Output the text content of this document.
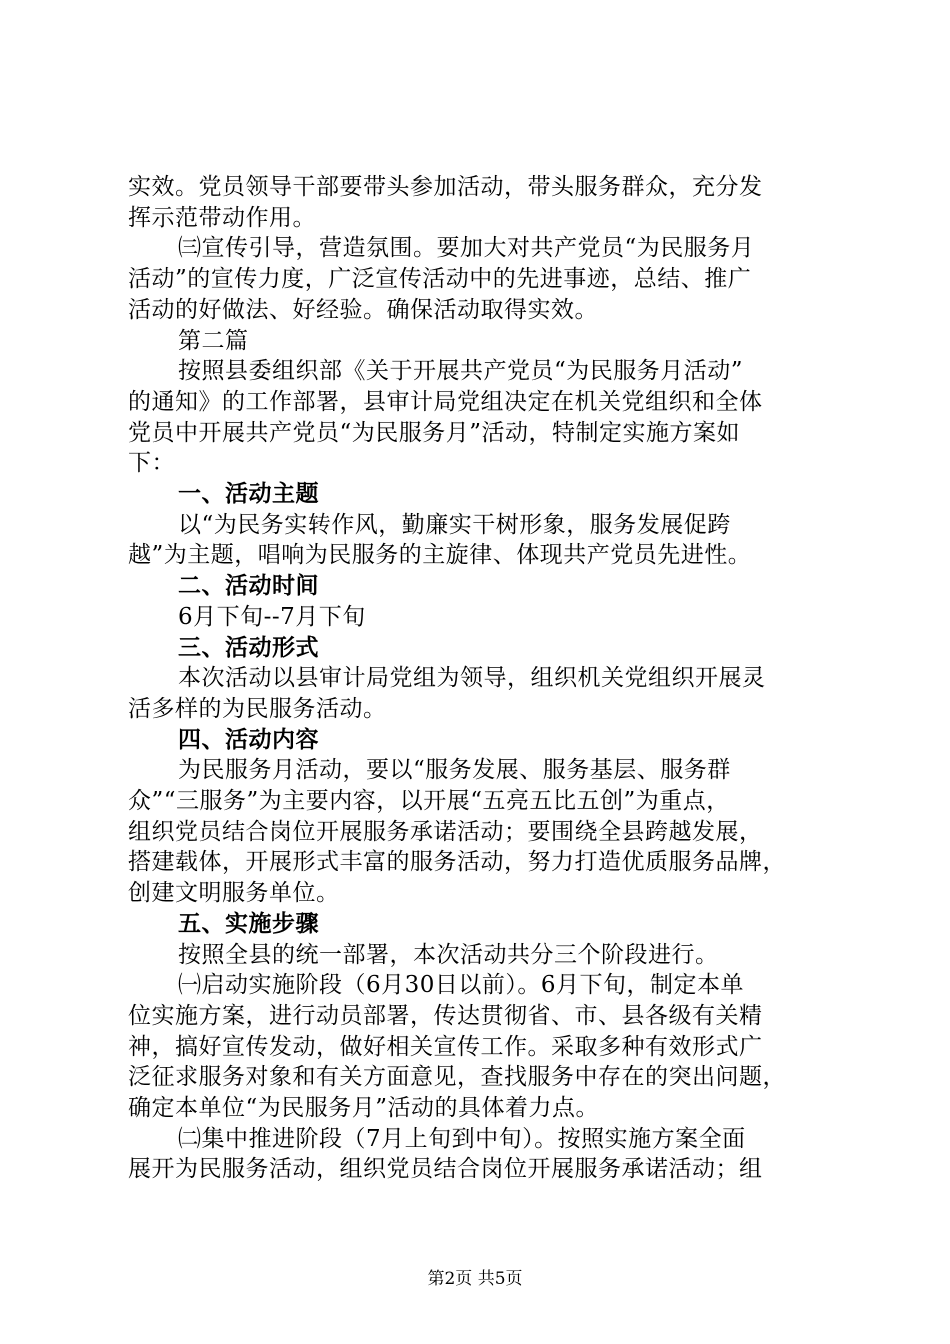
实效。党员领导干部要带头参加活动，带头服务群众，充分发
挥示范带动作用。
㈢宣传引导，营造氛围。要加大对共产党员“为民服务月
活动”的宣传力度，广泛宣传活动中的先进事迹，总结、推广
活动的好做法、好经验。确保活动取得实效。
第二篇
按照县委组织部《关于开展共产党员“为民服务月活动”
的通知》的工作部署，县审计局党组决定在机关党组织和全体
党员中开展共产党员“为民服务月”活动，特制定实施方案如
下：
一、活动主题
以“为民务实转作风，勤廉实干树形象，服务发展促跨
越”为主题，唱响为民服务的主旋律、体现共产党员先进性。
二、活动时间
6月下旬--7月下旬
三、活动形式
本次活动以县审计局党组为领导，组织机关党组织开展灵
活多样的为民服务活动。
四、活动内容
为民服务月活动，要以“服务发展、服务基层、服务群
众”“三服务”为主要内容，以开展“五亮五比五创”为重点，
组织党员结合岗位开展服务承诺活动；要围绕全县跨越发展，
搭建载体，开展形式丰富的服务活动，努力打造优质服务品牌，
创建文明服务单位。
五、实施步骤
按照全县的统一部署，本次活动共分三个阶段进行。
㈠启动实施阶段（6月30日以前）。6月下旬，制定本单
位实施方案，进行动员部署，传达贯彻省、市、县各级有关精
神，搞好宣传发动，做好相关宣传工作。采取多种有效形式广
泛征求服务对象和有关方面意见，查找服务中存在的突出问题，
确定本单位“为民服务月”活动的具体着力点。
㈡集中推进阶段（7月上旬到中旬）。按照实施方案全面
展开为民服务活动，组织党员结合岗位开展服务承诺活动；组
第2页 共5页
